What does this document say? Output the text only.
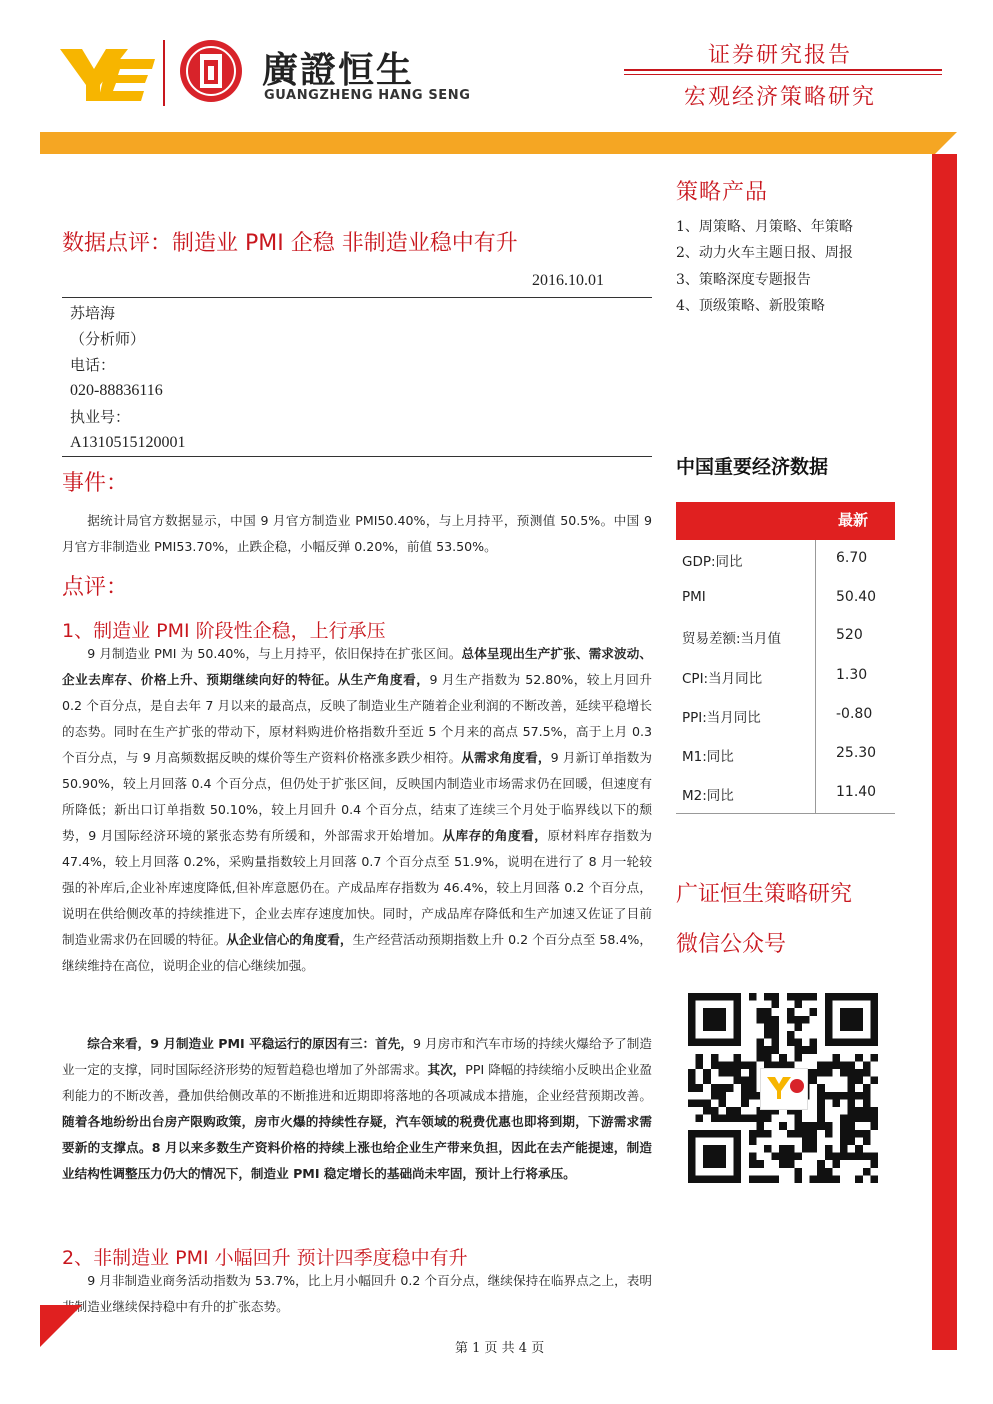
廣證恒生
GUANGZHENG HANG SENG
证券研究报告
宏观经济策略研究
数据点评：制造业 PMI 企稳 非制造业稳中有升
2016.10.01
苏培海
（分析师）
电话：
020-88836116
执业号：
A1310515120001
事件：
据统计局官方数据显示，中国 9 月官方制造业 PMI50.40%，与上月持平，预测值 50.5%。中国 9 月官方非制造业 PMI53.70%，止跌企稳，小幅反弹 0.20%，前值 53.50%。
点评：
1、制造业 PMI 阶段性企稳，上行承压
9 月制造业 PMI 为 50.40%，与上月持平，依旧保持在扩张区间。总体呈现出生产扩张、需求波动、企业去库存、价格上升、预期继续向好的特征。从生产角度看，9 月生产指数为 52.80%，较上月回升 0.2 个百分点，是自去年 7 月以来的最高点，反映了制造业生产随着企业利润的不断改善，延续平稳增长的态势。同时在生产扩张的带动下，原材料购进价格指数升至近 5 个月来的高点 57.5%，高于上月 0.3 个百分点，与 9 月高频数据反映的煤价等生产资料价格涨多跌少相符。从需求角度看，9 月新订单指数为 50.90%，较上月回落 0.4 个百分点，但仍处于扩张区间，反映国内制造业市场需求仍在回暖，但速度有所降低；新出口订单指数 50.10%，较上月回升 0.4 个百分点，结束了连续三个月处于临界线以下的颓势，9 月国际经济环境的紧张态势有所缓和，外部需求开始增加。从库存的角度看，原材料库存指数为 47.4%，较上月回落 0.2%，采购量指数较上月回落 0.7 个百分点至 51.9%，说明在进行了 8 月一轮较强的补库后,企业补库速度降低,但补库意愿仍在。产成品库存指数为 46.4%，较上月回落 0.2 个百分点，说明在供给侧改革的持续推进下，企业去库存速度加快。同时，产成品库存降低和生产加速又佐证了目前制造业需求仍在回暖的特征。从企业信心的角度看，生产经营活动预期指数上升 0.2 个百分点至 58.4%，继续维持在高位，说明企业的信心继续加强。
综合来看，9 月制造业 PMI 平稳运行的原因有三：首先，9 月房市和汽车市场的持续火爆给予了制造业一定的支撑，同时国际经济形势的短暂趋稳也增加了外部需求。其次，PPI 降幅的持续缩小反映出企业盈利能力的不断改善，叠加供给侧改革的不断推进和近期即将落地的各项减成本措施，企业经营预期改善。随着各地纷纷出台房产限购政策，房市火爆的持续性存疑，汽车领域的税费优惠也即将到期，下游需求需要新的支撑点。8 月以来多数生产资料价格的持续上涨也给企业生产带来负担，因此在去产能提速，制造业结构性调整压力仍大的情况下，制造业 PMI 稳定增长的基础尚未牢固，预计上行将承压。
2、非制造业 PMI 小幅回升 预计四季度稳中有升
9 月非制造业商务活动指数为 53.7%，比上月小幅回升 0.2 个百分点，继续保持在临界点之上，表明非制造业继续保持稳中有升的扩张态势。
策略产品
1、周策略、月策略、年策略
2、动力火车主题日报、周报
3、策略深度专题报告
4、顶级策略、新股策略
中国重要经济数据
最新
GDP:同比	6.70
PMI	50.40
贸易差额:当月值	520
CPI:当月同比	1.30
PPI:当月同比	-0.80
M1:同比	25.30
M2:同比	11.40
广证恒生策略研究
微信公众号
第 1 页 共 4 页
